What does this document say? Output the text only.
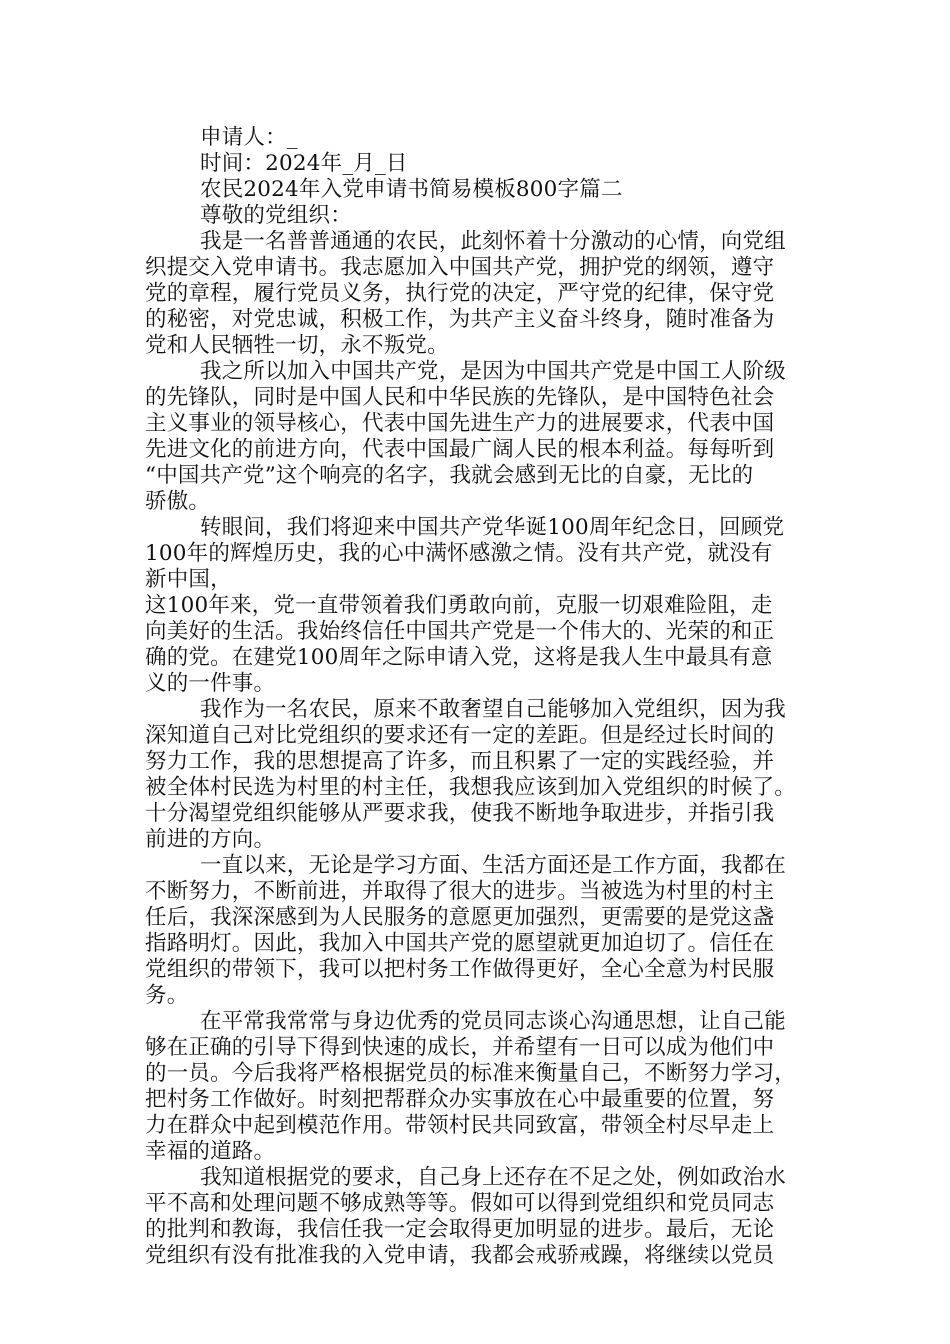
申请人：_
时间：2024年_月_日
农民2024年入党申请书简易模板800字篇二
尊敬的党组织：
我是一名普普通通的农民，此刻怀着十分激动的心情，向党组
织提交入党申请书。我志愿加入中国共产党，拥护党的纲领，遵守
党的章程，履行党员义务，执行党的决定，严守党的纪律，保守党
的秘密，对党忠诚，积极工作，为共产主义奋斗终身，随时准备为
党和人民牺牲一切，永不叛党。
我之所以加入中国共产党，是因为中国共产党是中国工人阶级
的先锋队，同时是中国人民和中华民族的先锋队，是中国特色社会
主义事业的领导核心，代表中国先进生产力的进展要求，代表中国
先进文化的前进方向，代表中国最广阔人民的根本利益。每每听到
“中国共产党”这个响亮的名字，我就会感到无比的自豪，无比的
骄傲。
转眼间，我们将迎来中国共产党华诞100周年纪念日，回顾党
100年的辉煌历史，我的心中满怀感激之情。没有共产党，就没有
新中国，
这100年来，党一直带领着我们勇敢向前，克服一切艰难险阻，走
向美好的生活。我始终信任中国共产党是一个伟大的、光荣的和正
确的党。在建党100周年之际申请入党，这将是我人生中最具有意
义的一件事。
我作为一名农民，原来不敢奢望自己能够加入党组织，因为我
深知道自己对比党组织的要求还有一定的差距。但是经过长时间的
努力工作，我的思想提高了许多，而且积累了一定的实践经验，并
被全体村民选为村里的村主任，我想我应该到加入党组织的时候了。
十分渴望党组织能够从严要求我，使我不断地争取进步，并指引我
前进的方向。
一直以来，无论是学习方面、生活方面还是工作方面，我都在
不断努力，不断前进，并取得了很大的进步。当被选为村里的村主
任后，我深深感到为人民服务的意愿更加强烈，更需要的是党这盏
指路明灯。因此，我加入中国共产党的愿望就更加迫切了。信任在
党组织的带领下，我可以把村务工作做得更好，全心全意为村民服
务。
在平常我常常与身边优秀的党员同志谈心沟通思想，让自己能
够在正确的引导下得到快速的成长，并希望有一日可以成为他们中
的一员。今后我将严格根据党员的标准来衡量自己，不断努力学习，
把村务工作做好。时刻把帮群众办实事放在心中最重要的位置，努
力在群众中起到模范作用。带领村民共同致富，带领全村尽早走上
幸福的道路。
我知道根据党的要求，自己身上还存在不足之处，例如政治水
平不高和处理问题不够成熟等等。假如可以得到党组织和党员同志
的批判和教诲，我信任我一定会取得更加明显的进步。最后，无论
党组织有没有批准我的入党申请，我都会戒骄戒躁，将继续以党员
